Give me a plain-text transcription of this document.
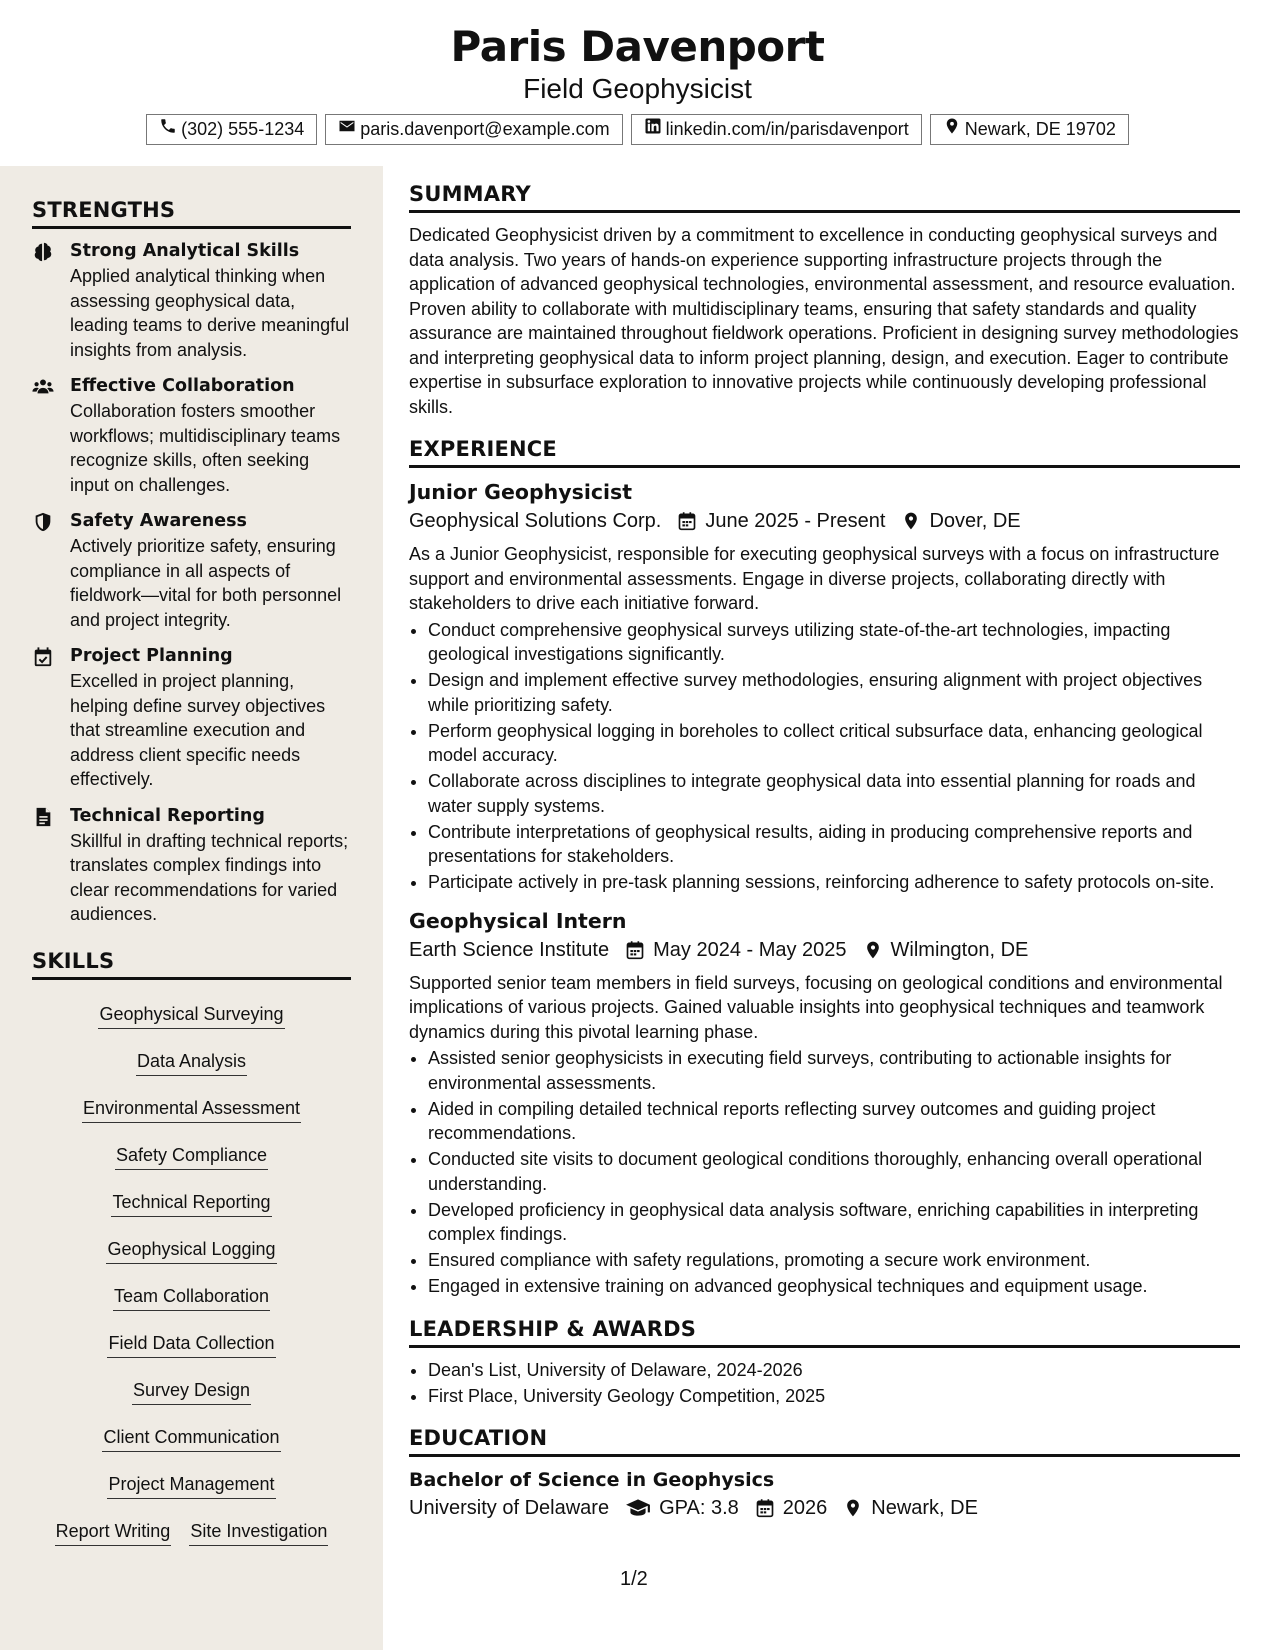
Paris Davenport
Field Geophysicist
(302) 555-1234	paris.davenport@example.com	linkedin.com/in/parisdavenport	Newark, DE 19702
STRENGTHS
Strong Analytical Skills
Applied analytical thinking when assessing geophysical data, leading teams to derive meaningful insights from analysis.
Effective Collaboration
Collaboration fosters smoother workflows; multidisciplinary teams recognize skills, often seeking input on challenges.
Safety Awareness
Actively prioritize safety, ensuring compliance in all aspects of fieldwork—vital for both personnel and project integrity.
Project Planning
Excelled in project planning, helping define survey objectives that streamline execution and address client specific needs effectively.
Technical Reporting
Skillful in drafting technical reports; translates complex findings into clear recommendations for varied audiences.
SKILLS
Geophysical Surveying
Data Analysis
Environmental Assessment
Safety Compliance
Technical Reporting
Geophysical Logging
Team Collaboration
Field Data Collection
Survey Design
Client Communication
Project Management
Report Writing Site Investigation
SUMMARY

Dedicated Geophysicist driven by a commitment to excellence in conducting geophysical surveys and data analysis. Two years of hands-on experience supporting infrastructure projects through the application of advanced geophysical technologies, environmental assessment, and resource evaluation. Proven ability to collaborate with multidisciplinary teams, ensuring that safety standards and quality assurance are maintained throughout fieldwork operations. Proficient in designing survey methodologies and interpreting geophysical data to inform project planning, design, and execution. Eager to contribute expertise in subsurface exploration to innovative projects while continuously developing professional skills.

EXPERIENCE
Junior Geophysicist
Geophysical Solutions Corp. June 2025 - Present Dover, DE

As a Junior Geophysicist, responsible for executing geophysical surveys with a focus on infrastructure support and environmental assessments. Engage in diverse projects, collaborating directly with stakeholders to drive each initiative forward.

• Conduct comprehensive geophysical surveys utilizing state-of-the-art technologies, impacting geological investigations significantly.
• Design and implement effective survey methodologies, ensuring alignment with project objectives while prioritizing safety.
• Perform geophysical logging in boreholes to collect critical subsurface data, enhancing geological model accuracy.
• Collaborate across disciplines to integrate geophysical data into essential planning for roads and water supply systems.
• Contribute interpretations of geophysical results, aiding in producing comprehensive reports and presentations for stakeholders.
• Participate actively in pre-task planning sessions, reinforcing adherence to safety protocols on-site.
Geophysical Intern
Earth Science Institute May 2024 - May 2025 Wilmington, DE

Supported senior team members in field surveys, focusing on geological conditions and environmental implications of various projects. Gained valuable insights into geophysical techniques and teamwork dynamics during this pivotal learning phase.

• Assisted senior geophysicists in executing field surveys, contributing to actionable insights for environmental assessments.
• Aided in compiling detailed technical reports reflecting survey outcomes and guiding project recommendations.
• Conducted site visits to document geological conditions thoroughly, enhancing overall operational understanding.
• Developed proficiency in geophysical data analysis software, enriching capabilities in interpreting complex findings.
• Ensured compliance with safety regulations, promoting a secure work environment.
• Engaged in extensive training on advanced geophysical techniques and equipment usage.
LEADERSHIP & AWARDS
• Dean's List, University of Delaware, 2024-2026
• First Place, University Geology Competition, 2025
EDUCATION
Bachelor of Science in Geophysics
University of Delaware	GPA: 3.8 2026 Newark, DE
1/2
